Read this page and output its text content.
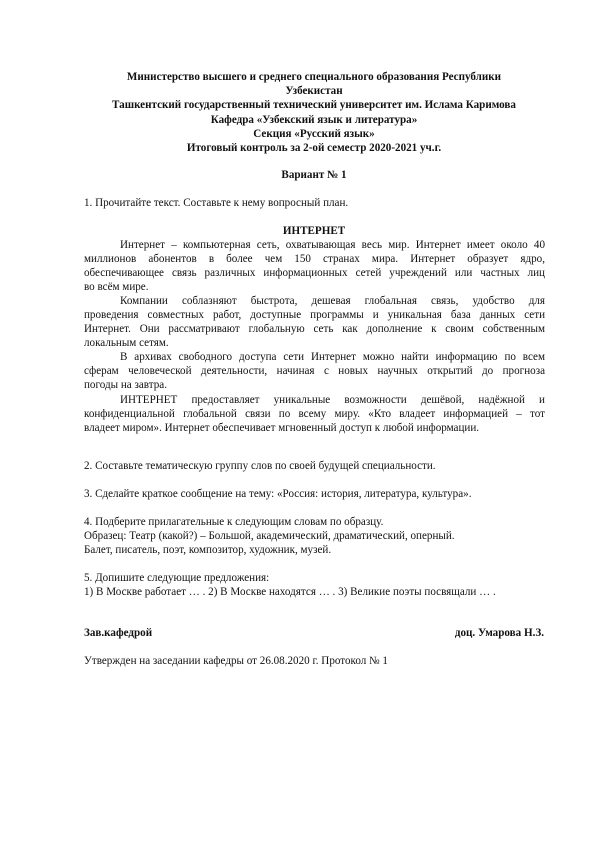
Министерство высшего и среднего специального образования Республики
Узбекистан
Ташкентский государственный технический университет им. Ислама Каримова
Кафедра «Узбекский язык и литература»
Секция «Русский язык»
Итоговый контроль за 2-ой семестр 2020-2021 уч.г.
Вариант № 1
1. Прочитайте текст. Составьте к нему вопросный план.
ИНТЕРНЕТ

Интернет – компьютерная сеть, охватывающая весь мир. Интернет имеет около 40
миллионов абонентов в более чем 150 странах мира. Интернет образует ядро,
обеспечивающее связь различных информационных сетей учреждений или частных лиц
во всём мире.

Компании соблазняют быстрота, дешевая глобальная связь, удобство для
проведения совместных работ, доступные программы и уникальная база данных сети
Интернет. Они рассматривают глобальную сеть как дополнение к своим собственным
локальным сетям.

В архивах свободного доступа сети Интернет можно найти информацию по всем
сферам человеческой деятельности, начиная с новых научных открытий до прогноза
погоды на завтра.

ИНТЕРНЕТ предоставляет уникальные возможности дешёвой, надёжной и
конфиденциальной глобальной связи по всему миру. «Кто владеет информацией – тот
владеет миром». Интернет обеспечивает мгновенный доступ к любой информации.

2. Составьте тематическую группу слов по своей будущей специальности.
3. Сделайте краткое сообщение на тему: «Россия: история, литература, культура».
4. Подберите прилагательные к следующим словам по образцу.
Образец: Театр (какой?) – Большой, академический, драматический, оперный.
Балет, писатель, поэт, композитор, художник, музей.
5. Допишите следующие предложения:
1) В Москве работает … . 2) В Москве находятся … . 3) Великие поэты посвящали … .
Зав.кафедрой	доц. Умарова Н.З.
Утвержден на заседании кафедры от 26.08.2020 г. Протокол № 1
